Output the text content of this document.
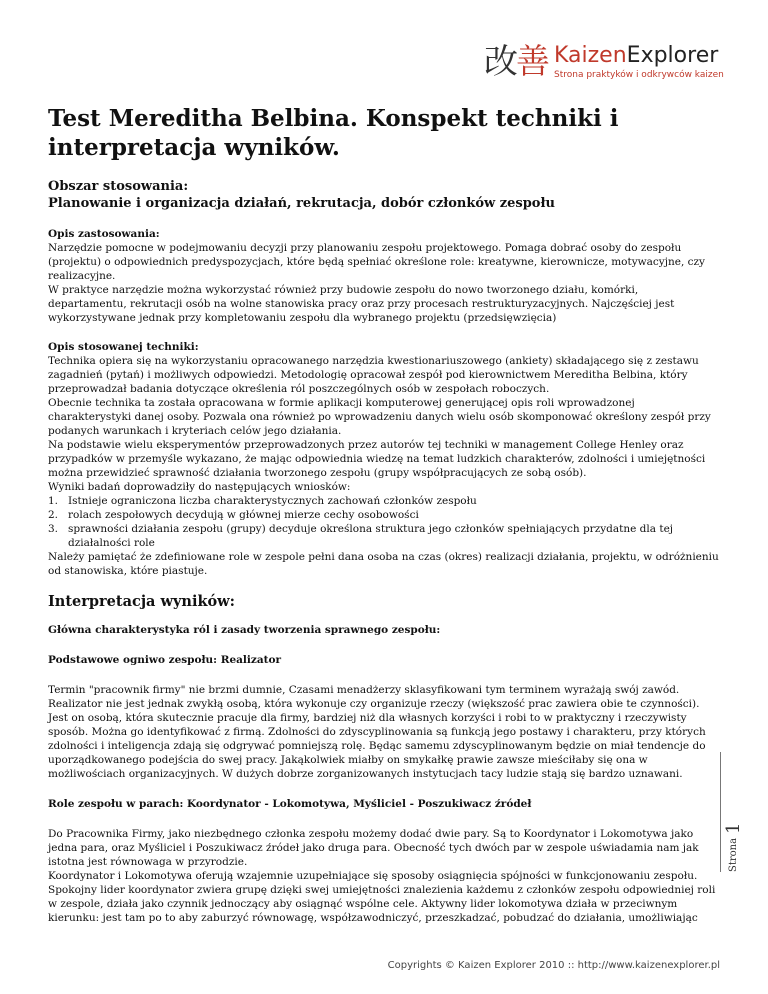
改善 KaizenExplorer
Strona praktyków i odkrywców kaizen
Test Mereditha Belbina. Konspekt techniki i interpretacja wyników.

Obszar stosowania:

Planowanie i organizacja działań, rekrutacja, dobór członków zespołu

Opis zastosowania:

Narzędzie pomocne w podejmowaniu decyzji przy planowaniu zespołu projektowego. Pomaga dobrać osoby do zespołu (projektu) o odpowiednich predyspozycjach, które będą spełniać określone role: kreatywne, kierownicze, motywacyjne, czy realizacyjne.

W praktyce narzędzie można wykorzystać również przy budowie zespołu do nowo tworzonego działu, komórki, departamentu, rekrutacji osób na wolne stanowiska pracy oraz przy procesach restrukturyzacyjnych. Najczęściej jest wykorzystywane jednak przy kompletowaniu zespołu dla wybranego projektu (przedsięwzięcia)

Opis stosowanej techniki:

Technika opiera się na wykorzystaniu opracowanego narzędzia kwestionariuszowego (ankiety) składającego się z zestawu zagadnień (pytań) i możliwych odpowiedzi. Metodologię opracował zespół pod kierownictwem Mereditha Belbina, który przeprowadzał badania dotyczące określenia ról poszczególnych osób w zespołach roboczych.

Obecnie technika ta została opracowana w formie aplikacji komputerowej generującej opis roli wprowadzonej charakterystyki danej osoby. Pozwala ona również po wprowadzeniu danych wielu osób skomponować określony zespół przy podanych warunkach i kryteriach celów jego działania.

Na podstawie wielu eksperymentów przeprowadzonych przez autorów tej techniki w management College Henley oraz przypadków w przemyśle wykazano, że mając odpowiednia wiedzę na temat ludzkich charakterów, zdolności i umiejętności można przewidzieć sprawność działania tworzonego zespołu (grupy współpracujących ze sobą osób).

Wyniki badań doprowadziły do następujących wniosków:

1. Istnieje ograniczona liczba charakterystycznych zachowań członków zespołu
2. rolach zespołowych decydują w głównej mierze cechy osobowości
3. sprawności działania zespołu (grupy) decyduje określona struktura jego członków spełniających przydatne dla tej działalności role

Należy pamiętać że zdefiniowane role w zespole pełni dana osoba na czas (okres) realizacji działania, projektu, w odróżnieniu od stanowiska, które piastuje.

Interpretacja wyników:

Główna charakterystyka ról i zasady tworzenia sprawnego zespołu:

Podstawowe ogniwo zespołu: Realizator

Termin "pracownik firmy" nie brzmi dumnie, Czasami menadżerzy sklasyfikowani tym terminem wyrażają swój zawód. Realizator nie jest jednak zwykłą osobą, która wykonuje czy organizuje rzeczy (większość prac zawiera obie te czynności). Jest on osobą, która skutecznie pracuje dla firmy, bardziej niż dla własnych korzyści i robi to w praktyczny i rzeczywisty sposób. Można go identyfikować z firmą. Zdolności do zdyscyplinowania są funkcją jego postawy i charakteru, przy których zdolności i inteligencja zdają się odgrywać pomniejszą rolę. Będąc samemu zdyscyplinowanym będzie on miał tendencje do uporządkowanego podejścia do swej pracy. Jakąkolwiek miałby on smykałkę prawie zawsze mieściłaby się ona w możliwościach organizacyjnych. W dużych dobrze zorganizowanych instytucjach tacy ludzie stają się bardzo uznawani.

Role zespołu w parach: Koordynator - Lokomotywa, Myśliciel - Poszukiwacz źródeł

Do Pracownika Firmy, jako niezbędnego członka zespołu możemy dodać dwie pary. Są to Koordynator i Lokomotywa jako jedna para, oraz Myśliciel i Poszukiwacz źródeł jako druga para. Obecność tych dwóch par w zespole uświadamia nam jak istotna jest równowaga w przyrodzie.

Koordynator i Lokomotywa oferują wzajemnie uzupełniające się sposoby osiągnięcia spójności w funkcjonowaniu zespołu. Spokojny lider koordynator zwiera grupę dzięki swej umiejętności znalezienia każdemu z członków zespołu odpowiedniej roli w zespole, działa jako czynnik jednoczący aby osiągnąć wspólne cele. Aktywny lider lokomotywa działa w przeciwnym kierunku: jest tam po to aby zaburzyć równowagę, współzawodniczyć, przeszkadzać, pobudzać do działania, umożliwiając

Strona
1
Copyrights © Kaizen Explorer 2010 :: http://www.kaizenexplorer.pl
